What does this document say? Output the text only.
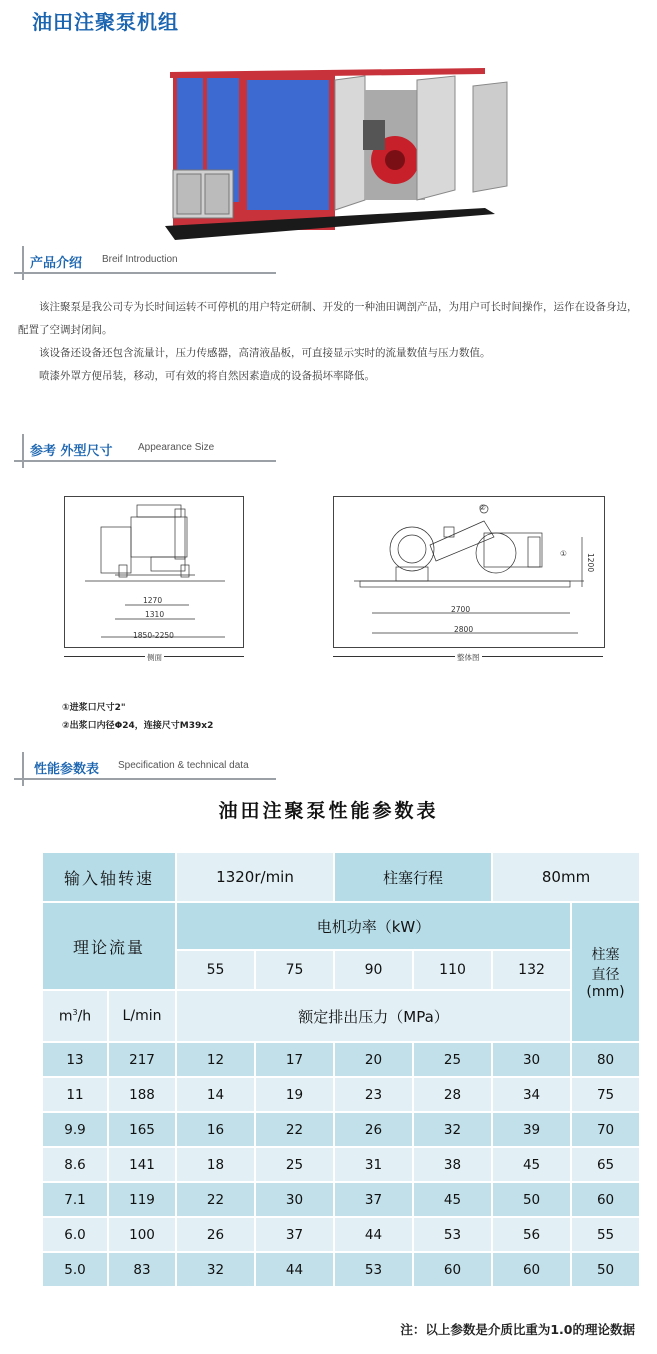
油田注聚泵机组
产品介绍 Breif Introduction

该注聚泵是我公司专为长时间运转不可停机的用户特定研制、开发的一种油田调剖产品，为用户可长时间操作，运作在设备身边，配置了空调封闭间。

该设备还设备还包含流量计，压力传感器，高清液晶板，可直接显示实时的流量数值与压力数值。

喷漆外罩方便吊装，移动，可有效的将自然因素造成的设备损坏率降低。

参考 外型尺寸	Appearance Size
1270
1310
1850-2250
侧面
2700
2800
1200
②
①
整体图
①进浆口尺寸2"
②出浆口内径Φ24，连接尺寸M39x2
性能参数表 Specification & technical data
油田注聚泵性能参数表
输入轴转速		1320r/min		柱塞行程		80mm	
理论流量		电机功率（kW）					柱塞
直径
(mm)

		55	75	90	110	132	
$m^3/h$	L/min	额定排出压力（MPa）					
13	217	12	17	20	25	30	80
11	188	14	19	23	28	34	75
9.9	165	16	22	26	32	39	70
8.6	141	18	25	31	38	45	65
7.1	119	22	30	37	45	50	60
6.0	100	26	37	44	53	56	55
5.0	83	32	44	53	60	60	50
注：以上参数是介质比重为1.0的理论数据
